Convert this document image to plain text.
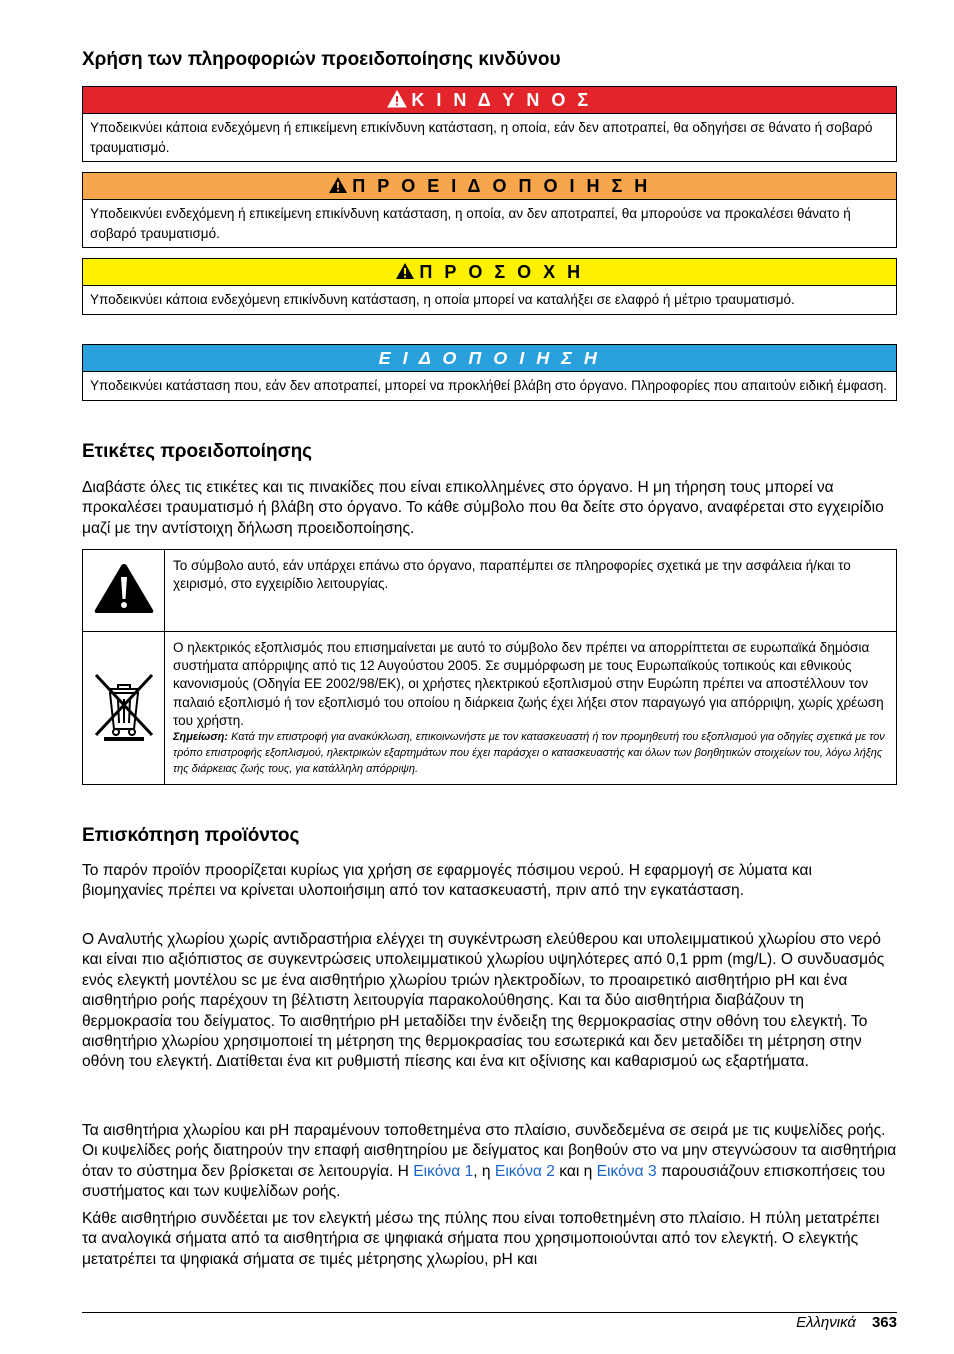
Χρήση των πληροφοριών προειδοποίησης κινδύνου
Κ Ι Ν Δ Υ Ν Ο Σ
Υποδεικνύει κάποια ενδεχόμενη ή επικείμενη επικίνδυνη κατάσταση, η οποία, εάν δεν αποτραπεί, θα οδηγήσει σε θάνατο ή σοβαρό τραυματισμό.
Π Ρ Ο Ε Ι Δ Ο Π Ο Ι Η Σ Η
Υποδεικνύει ενδεχόμενη ή επικείμενη επικίνδυνη κατάσταση, η οποία, αν δεν αποτραπεί, θα μπορούσε να προκαλέσει θάνατο ή σοβαρό τραυματισμό.
Π Ρ Ο Σ Ο Χ Η
Υποδεικνύει κάποια ενδεχόμενη επικίνδυνη κατάσταση, η οποία μπορεί να καταλήξει σε ελαφρό ή μέτριο τραυματισμό.
Ε Ι Δ Ο Π Ο Ι Η Σ Η
Υποδεικνύει κατάσταση που, εάν δεν αποτραπεί, μπορεί να προκλήθεί βλάβη στο όργανο. Πληροφορίες που απαιτούν ειδική έμφαση.
Ετικέτες προειδοποίησης

Διαβάστε όλες τις ετικέτες και τις πινακίδες που είναι επικολλημένες στο όργανο. Η μη τήρηση τους μπορεί να προκαλέσει τραυματισμό ή βλάβη στο όργανο. Το κάθε σύμβολο που θα δείτε στο όργανο, αναφέρεται στο εγχειρίδιο μαζί με την αντίστοιχη δήλωση προειδοποίησης.

	Το σύμβολο αυτό, εάν υπάρχει επάνω στο όργανο, παραπέμπει σε πληροφορίες σχετικά με την ασφάλεια ή/και το χειρισμό, στο εγχειρίδιο λειτουργίας.

Ο ηλεκτρικός εξοπλισμός που επισημαίνεται με αυτό το σύμβολο δεν πρέπει να απορρίπτεται σε ευρωπαϊκά δημόσια συστήματα απόρριψης από τις 12 Αυγούστου 2005. Σε συμμόρφωση με τους Ευρωπαϊκούς τοπικούς και εθνικούς κανονισμούς (Οδηγία ΕΕ 2002/98/ΕΚ), οι χρήστες ηλεκτρικού εξοπλισμού στην Ευρώπη πρέπει να αποστέλλουν τον παλαιό εξοπλισμό ή τον εξοπλισμό του οποίου η διάρκεια ζωής έχει λήξει στον παραγωγό για απόρριψη, χωρίς χρέωση του χρήστη.
Σημείωση: Κατά την επιστροφή για ανακύκλωση, επικοινωνήστε με τον κατασκευαστή ή τον προμηθευτή του εξοπλισμού για οδηγίες σχετικά με τον τρόπο επιστροφής εξοπλισμού, ηλεκτρικών εξαρτημάτων που έχει παράσχει ο κατασκευαστής και όλων των βοηθητικών στοιχείων του, λόγω λήξης της διάρκειας ζωής τους, για κατάλληλη απόρριψη.
Επισκόπηση προϊόντος

Το παρόν προϊόν προορίζεται κυρίως για χρήση σε εφαρμογές πόσιμου νερού. Η εφαρμογή σε λύματα και βιομηχανίες πρέπει να κρίνεται υλοποιήσιμη από τον κατασκευαστή, πριν από την εγκατάσταση.

Ο Αναλυτής χλωρίου χωρίς αντιδραστήρια ελέγχει τη συγκέντρωση ελεύθερου και υπολειμματικού χλωρίου στο νερό και είναι πιο αξιόπιστος σε συγκεντρώσεις υπολειμματικού χλωρίου υψηλότερες από 0,1 ppm (mg/L). Ο συνδυασμός ενός ελεγκτή μοντέλου sc με ένα αισθητήριο χλωρίου τριών ηλεκτροδίων, το προαιρετικό αισθητήριο pH και ένα αισθητήριο ροής παρέχουν τη βέλτιστη λειτουργία παρακολούθησης. Και τα δύο αισθητήρια διαβάζουν τη θερμοκρασία του δείγματος. Το αισθητήριο pH μεταδίδει την ένδειξη της θερμοκρασίας στην οθόνη του ελεγκτή. Το αισθητήριο χλωρίου χρησιμοποιεί τη μέτρηση της θερμοκρασίας του εσωτερικά και δεν μεταδίδει τη μέτρηση στην οθόνη του ελεγκτή. Διατίθεται ένα κιτ ρυθμιστή πίεσης και ένα κιτ οξίνισης και καθαρισμού ως εξαρτήματα.

Τα αισθητήρια χλωρίου και pH παραμένουν τοποθετημένα στο πλαίσιο, συνδεδεμένα σε σειρά με τις κυψελίδες ροής. Οι κυψελίδες ροής διατηρούν την επαφή αισθητηρίου με δείγματος και βοηθούν στο να μην στεγνώσουν τα αισθητήρια όταν το σύστημα δεν βρίσκεται σε λειτουργία. Η Εικόνα 1, η Εικόνα 2 και η Εικόνα 3 παρουσιάζουν επισκοπήσεις του συστήματος και των κυψελίδων ροής.

Κάθε αισθητήριο συνδέεται με τον ελεγκτή μέσω της πύλης που είναι τοποθετημένη στο πλαίσιο. Η πύλη μετατρέπει τα αναλογικά σήματα από τα αισθητήρια σε ψηφιακά σήματα που χρησιμοποιούνται από τον ελεγκτή. Ο ελεγκτής μετατρέπει τα ψηφιακά σήματα σε τιμές μέτρησης χλωρίου, pH και

Ελληνικά 363
